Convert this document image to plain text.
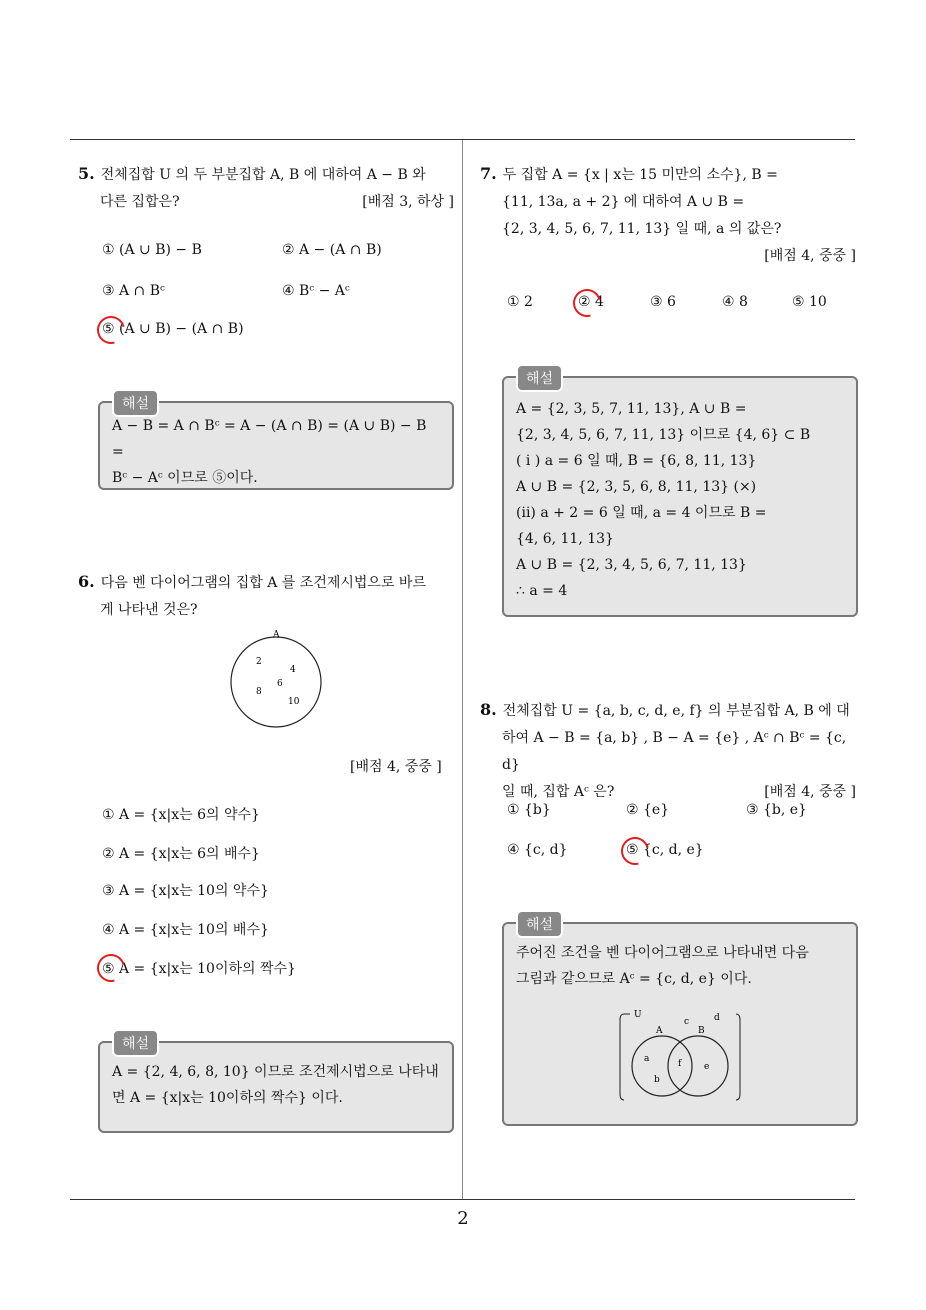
2
5. 전체집합 U 의 두 부분집합 A, B 에 대하여 A − B 와
다른 집합은?	[배점 3, 하상 ]
① (A ∪ B) − B	② A − (A ∩ B)
③ A ∩ Bᶜ	④ Bᶜ − Aᶜ
⑤ (A ∪ B) − (A ∩ B)
해설
A − B = A ∩ Bᶜ = A − (A ∩ B) = (A ∪ B) − B =
Bᶜ − Aᶜ 이므로 ⑤이다.
6. 다음 벤 다이어그램의 집합 A 를 조건제시법으로 바르
게 나타낸 것은?
A
2
4
6
8
10
[배점 4, 중중 ]
① A = {x|x는 6의 약수}
② A = {x|x는 6의 배수}
③ A = {x|x는 10의 약수}
④ A = {x|x는 10의 배수}
⑤ A = {x|x는 10이하의 짝수}
해설
A = {2, 4, 6, 8, 10} 이므로 조건제시법으로 나타내
면 A = {x|x는 10이하의 짝수} 이다.
7. 두 집합 A = {x | x는 15 미만의 소수}, B =
{11, 13a, a + 2} 에 대하여 A ∪ B =
{2, 3, 4, 5, 6, 7, 11, 13} 일 때, a 의 값은?
[배점 4, 중중 ]
① 2	② 4	③ 6	④ 8	⑤ 10
해설
A = {2, 3, 5, 7, 11, 13}, A ∪ B =
{2, 3, 4, 5, 6, 7, 11, 13} 이므로 {4, 6} ⊂ B
( i ) a = 6 일 때, B = {6, 8, 11, 13}
A ∪ B = {2, 3, 5, 6, 8, 11, 13} (×)
(ii) a + 2 = 6 일 때, a = 4 이므로 B =
{4, 6, 11, 13}
A ∪ B = {2, 3, 4, 5, 6, 7, 11, 13}
∴ a = 4
8. 전체집합 U = {a, b, c, d, e, f} 의 부분집합 A, B 에 대
하여 A − B = {a, b} , B − A = {e} , Aᶜ ∩ Bᶜ = {c, d}
일 때, 집합 Aᶜ 은?	[배점 4, 중중 ]
① {b}	② {e}	③ {b, e}
④ {c, d}	⑤ {c, d, e}
해설
주어진 조건을 벤 다이어그램으로 나타내면 다음
그림과 같으므로 Aᶜ = {c, d, e} 이다.
U
A	B
c	d
a
b
f	e
